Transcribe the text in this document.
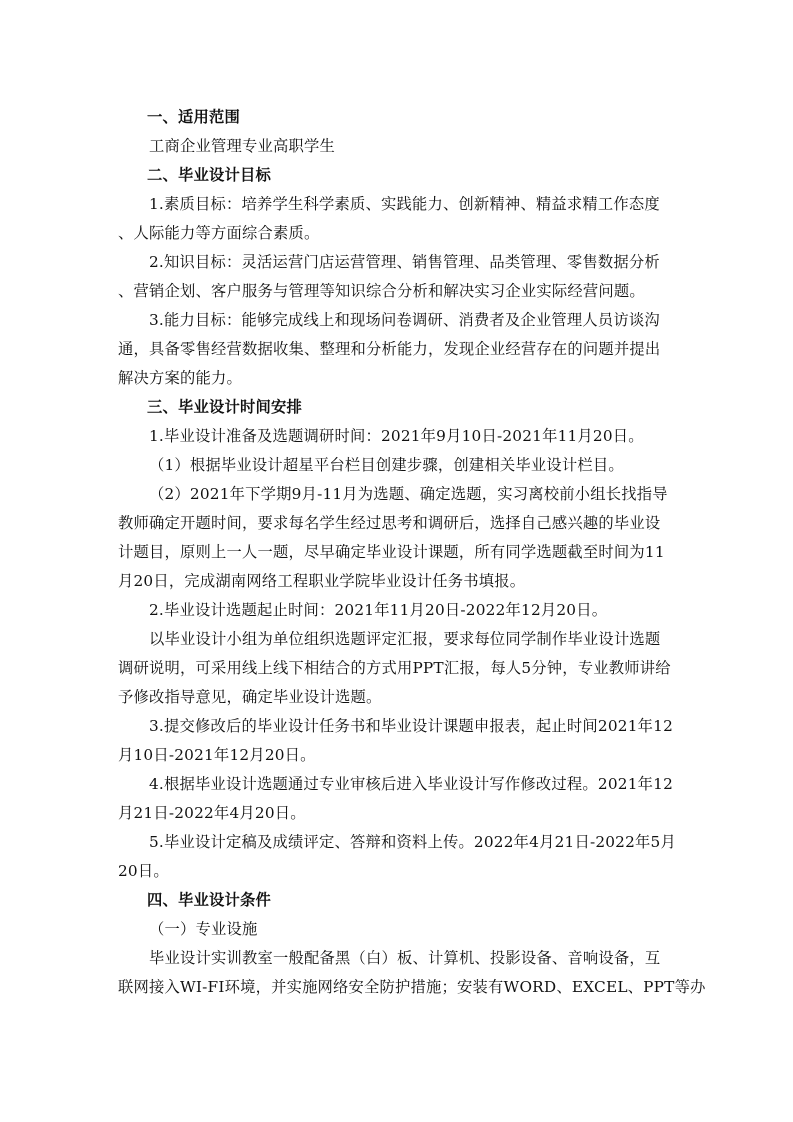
一、适用范围
工商企业管理专业高职学生
二、毕业设计目标
1.素质目标：培养学生科学素质、实践能力、创新精神、精益求精工作态度
、人际能力等方面综合素质。
2.知识目标：灵活运营门店运营管理、销售管理、品类管理、零售数据分析
、营销企划、客户服务与管理等知识综合分析和解决实习企业实际经营问题。
3.能力目标：能够完成线上和现场问卷调研、消费者及企业管理人员访谈沟
通，具备零售经营数据收集、整理和分析能力，发现企业经营存在的问题并提出
解决方案的能力。
三、毕业设计时间安排
1.毕业设计准备及选题调研时间：2021年9月10日-2021年11月20日。
（1）根据毕业设计超星平台栏目创建步骤，创建相关毕业设计栏目。
（2）2021年下学期9月-11月为选题、确定选题，实习离校前小组长找指导
教师确定开题时间，要求每名学生经过思考和调研后，选择自己感兴趣的毕业设
计题目，原则上一人一题，尽早确定毕业设计课题，所有同学选题截至时间为11
月20日，完成湖南网络工程职业学院毕业设计任务书填报。
2.毕业设计选题起止时间：2021年11月20日-2022年12月20日。
以毕业设计小组为单位组织选题评定汇报，要求每位同学制作毕业设计选题
调研说明，可采用线上线下相结合的方式用PPT汇报，每人5分钟，专业教师讲给
予修改指导意见，确定毕业设计选题。
3.提交修改后的毕业设计任务书和毕业设计课题申报表，起止时间2021年12
月10日-2021年12月20日。
4.根据毕业设计选题通过专业审核后进入毕业设计写作修改过程。2021年12
月21日-2022年4月20日。
5.毕业设计定稿及成绩评定、答辩和资料上传。2022年4月21日-2022年5月
20日。
四、毕业设计条件
（一）专业设施
毕业设计实训教室一般配备黑（白）板、计算机、投影设备、音响设备，互
联网接入WI-FI环境，并实施网络安全防护措施；安装有WORD、EXCEL、PPT等办
